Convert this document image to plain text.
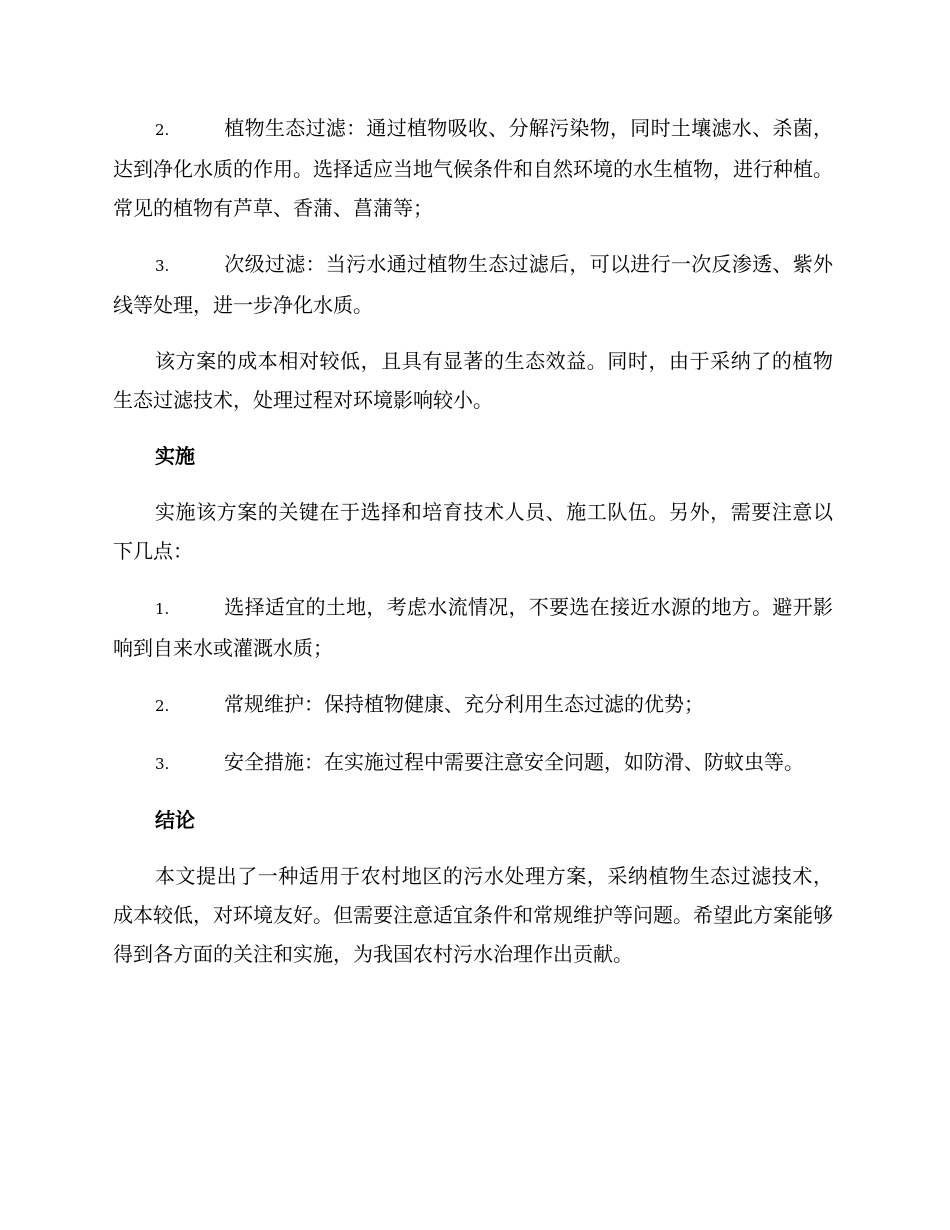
2.	植物生态过滤：通过植物吸收、分解污染物，同时土壤滤水、杀菌，达到净化水质的作用。选择适应当地气候条件和自然环境的水生植物，进行种植。常见的植物有芦草、香蒲、菖蒲等；

3.	次级过滤：当污水通过植物生态过滤后，可以进行一次反渗透、紫外线等处理，进一步净化水质。

该方案的成本相对较低，且具有显著的生态效益。同时，由于采纳了的植物生态过滤技术，处理过程对环境影响较小。

实施

实施该方案的关键在于选择和培育技术人员、施工队伍。另外，需要注意以下几点：

1.	选择适宜的土地，考虑水流情况，不要选在接近水源的地方。避开影响到自来水或灌溉水质；

2.	常规维护：保持植物健康、充分利用生态过滤的优势；

3.	安全措施：在实施过程中需要注意安全问题，如防滑、防蚊虫等。

结论

本文提出了一种适用于农村地区的污水处理方案，采纳植物生态过滤技术，成本较低，对环境友好。但需要注意适宜条件和常规维护等问题。希望此方案能够得到各方面的关注和实施，为我国农村污水治理作出贡献。
